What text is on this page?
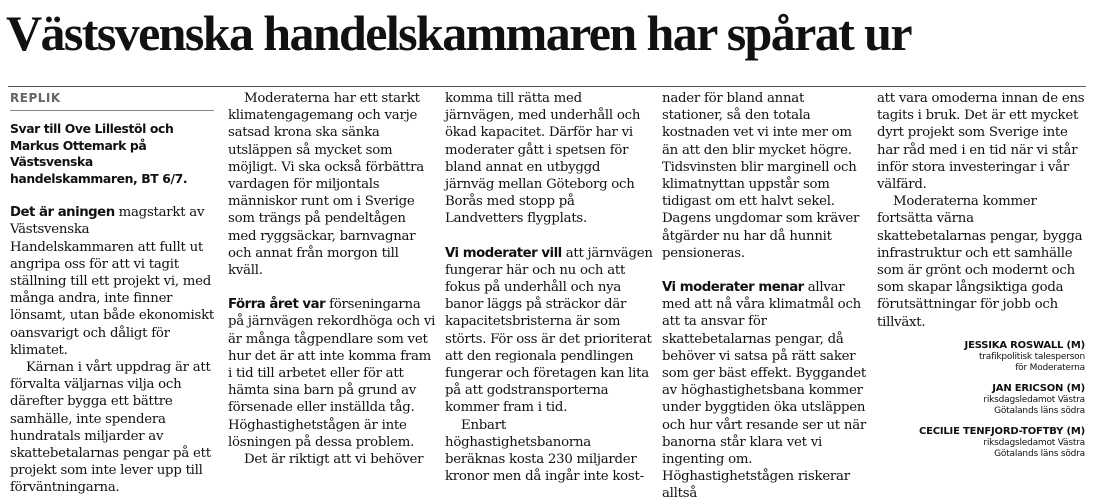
Västsvenska handelskammaren har spårat ur
REPLIK

Svar till Ove Lillestöl och Markus Ottemark på Västsvenska handelskammaren, BT 6/7.

Det är aningen magstarkt av Västsvenska Handelskammaren att fullt ut angripa oss för att vi tagit ställning till ett projekt vi, med många andra, inte finner lönsamt, utan både ekonomiskt oansvarigt och dåligt för klimatet.

Kärnan i vårt uppdrag är att förvalta väljarnas vilja och därefter bygga ett bättre samhälle, inte spendera hundratals miljarder av skattebetalarnas pengar på ett projekt som inte lever upp till förväntningarna.

Moderaterna har ett starkt klimatengagemang och varje satsad krona ska sänka utsläppen så mycket som möjligt. Vi ska också förbättra vardagen för miljontals människor runt om i Sverige som trängs på pendeltågen med ryggsäckar, barnvagnar och annat från morgon till kväll.

Förra året var förseningarna på järnvägen rekordhöga och vi är många tågpendlare som vet hur det är att inte komma fram i tid till arbetet eller för att hämta sina barn på grund av försenade eller inställda tåg. Höghastighetstågen är inte lösningen på dessa problem.

Det är riktigt att vi behöver

komma till rätta med järnvägen, med underhåll och ökad kapacitet. Därför har vi moderater gått i spetsen för bland annat en utbyggd järnväg mellan Göteborg och Borås med stopp på Landvetters flygplats.

Vi moderater vill att järnvägen fungerar här och nu och att fokus på underhåll och nya banor läggs på sträckor där kapacitetsbristerna är som störts. För oss är det prioriterat att den regionala pendlingen fungerar och företagen kan lita på att godstransporterna kommer fram i tid.

Enbart höghastighetsbanorna beräknas kosta 230 miljarder kronor men då ingår inte kost-

nader för bland annat stationer, så den totala kostnaden vet vi inte mer om än att den blir mycket högre. Tidsvinsten blir marginell och klimatnyttan uppstår som tidigast om ett halvt sekel. Dagens ungdomar som kräver åtgärder nu har då hunnit pensioneras.

Vi moderater menar allvar med att nå våra klimatmål och att ta ansvar för skattebetalarnas pengar, då behöver vi satsa på rätt saker som ger bäst effekt. Byggandet av höghastighetsbana kommer under byggtiden öka utsläppen och hur vårt resande ser ut när banorna står klara vet vi ingenting om. Höghastighetstågen riskerar alltså

att vara omoderna innan de ens tagits i bruk. Det är ett mycket dyrt projekt som Sverige inte har råd med i en tid när vi står inför stora investeringar i vår välfärd.

Moderaterna kommer fortsätta värna skattebetalarnas pengar, bygga infrastruktur och ett samhälle som är grönt och modernt och som skapar långsiktiga goda förutsättningar för jobb och tillväxt.

JESSIKA ROSWALL (M)
trafikpolitisk talesperson
för Moderaterna
JAN ERICSON (M)
riksdagsledamot Västra
Götalands läns södra
CECILIE TENFJORD-TOFTBY (M)
riksdagsledamot Västra
Götalands läns södra
